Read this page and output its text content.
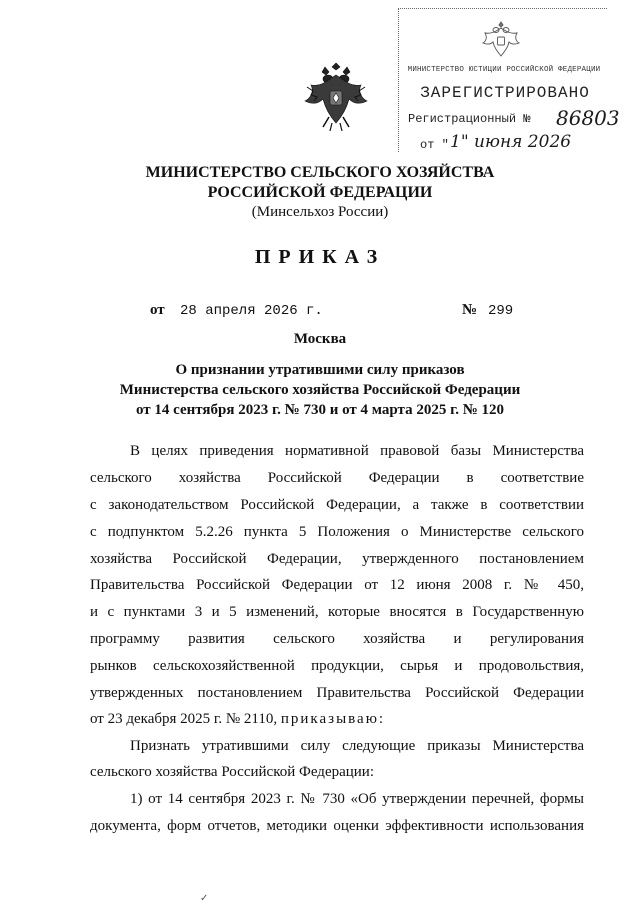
МИНИСТЕРСТВО ЮСТИЦИИ РОССИЙСКОЙ ФЕДЕРАЦИИ
ЗАРЕГИСТРИРОВАНО
Регистрационный № 86803
от " 1" июня 2026
МИНИСТЕРСТВО СЕЛЬСКОГО ХОЗЯЙСТВА
РОССИЙСКОЙ ФЕДЕРАЦИИ
(Минсельхоз России)
ПРИКАЗ
от 28 апреля 2026 г.	№ 299
Москва
О признании утратившими силу приказов
Министерства сельского хозяйства Российской Федерации
от 14 сентября 2023 г. № 730 и от 4 марта 2025 г. № 120
В целях приведения нормативной правовой базы Министерства
сельского хозяйства Российской Федерации в соответствие
с законодательством Российской Федерации, а также в соответствии
с подпунктом 5.2.26 пункта 5 Положения о Министерстве сельского
хозяйства Российской Федерации, утвержденного постановлением
Правительства Российской Федерации от 12 июня 2008 г. № 450,
и с пунктами 3 и 5 изменений, которые вносятся в Государственную
программу развития сельского хозяйства и регулирования
рынков сельскохозяйственной продукции, сырья и продовольствия,
утвержденных постановлением Правительства Российской Федерации
от 23 декабря 2025 г. № 2110, приказываю:
Признать утратившими силу следующие приказы Министерства
сельского хозяйства Российской Федерации:
1) от 14 сентября 2023 г. № 730 «Об утверждении перечней, формы
документа, форм отчетов, методики оценки эффективности использования
✓
